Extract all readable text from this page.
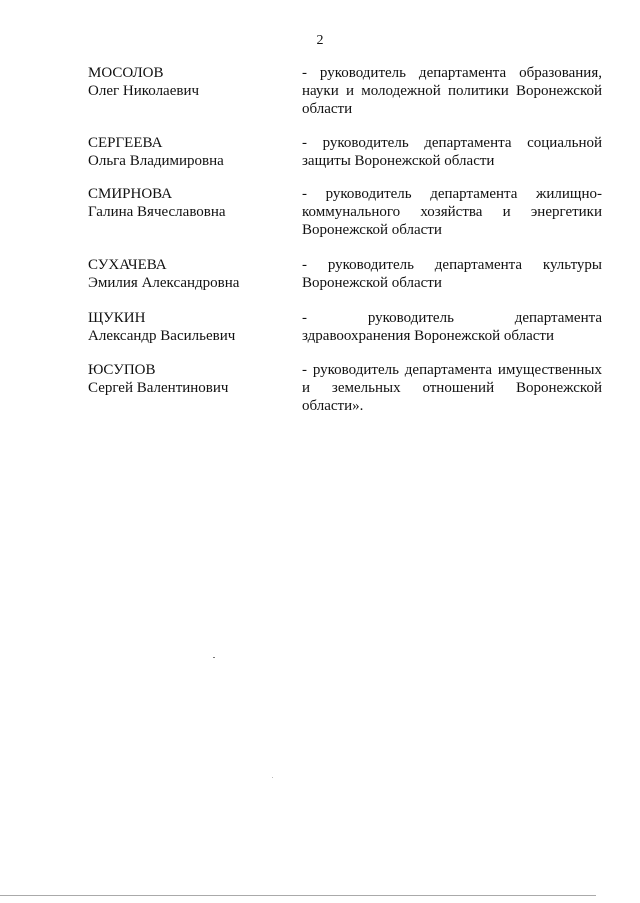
2
МОСОЛОВ
Олег Николаевич
- руководитель департамента образования,
науки и молодежной политики Воронежской
области
СЕРГЕЕВА
Ольга Владимировна
- руководитель департамента социальной
защиты Воронежской области
СМИРНОВА
Галина Вячеславовна
- руководитель департамента жилищно-
коммунального хозяйства и энергетики
Воронежской области
СУХАЧЕВА
Эмилия Александровна
- руководитель департамента культуры
Воронежской области
ЩУКИН
Александр Васильевич
- руководитель департамента
здравоохранения Воронежской области
ЮСУПОВ
Сергей Валентинович
- руководитель департамента имущественных
и земельных отношений Воронежской
области».
